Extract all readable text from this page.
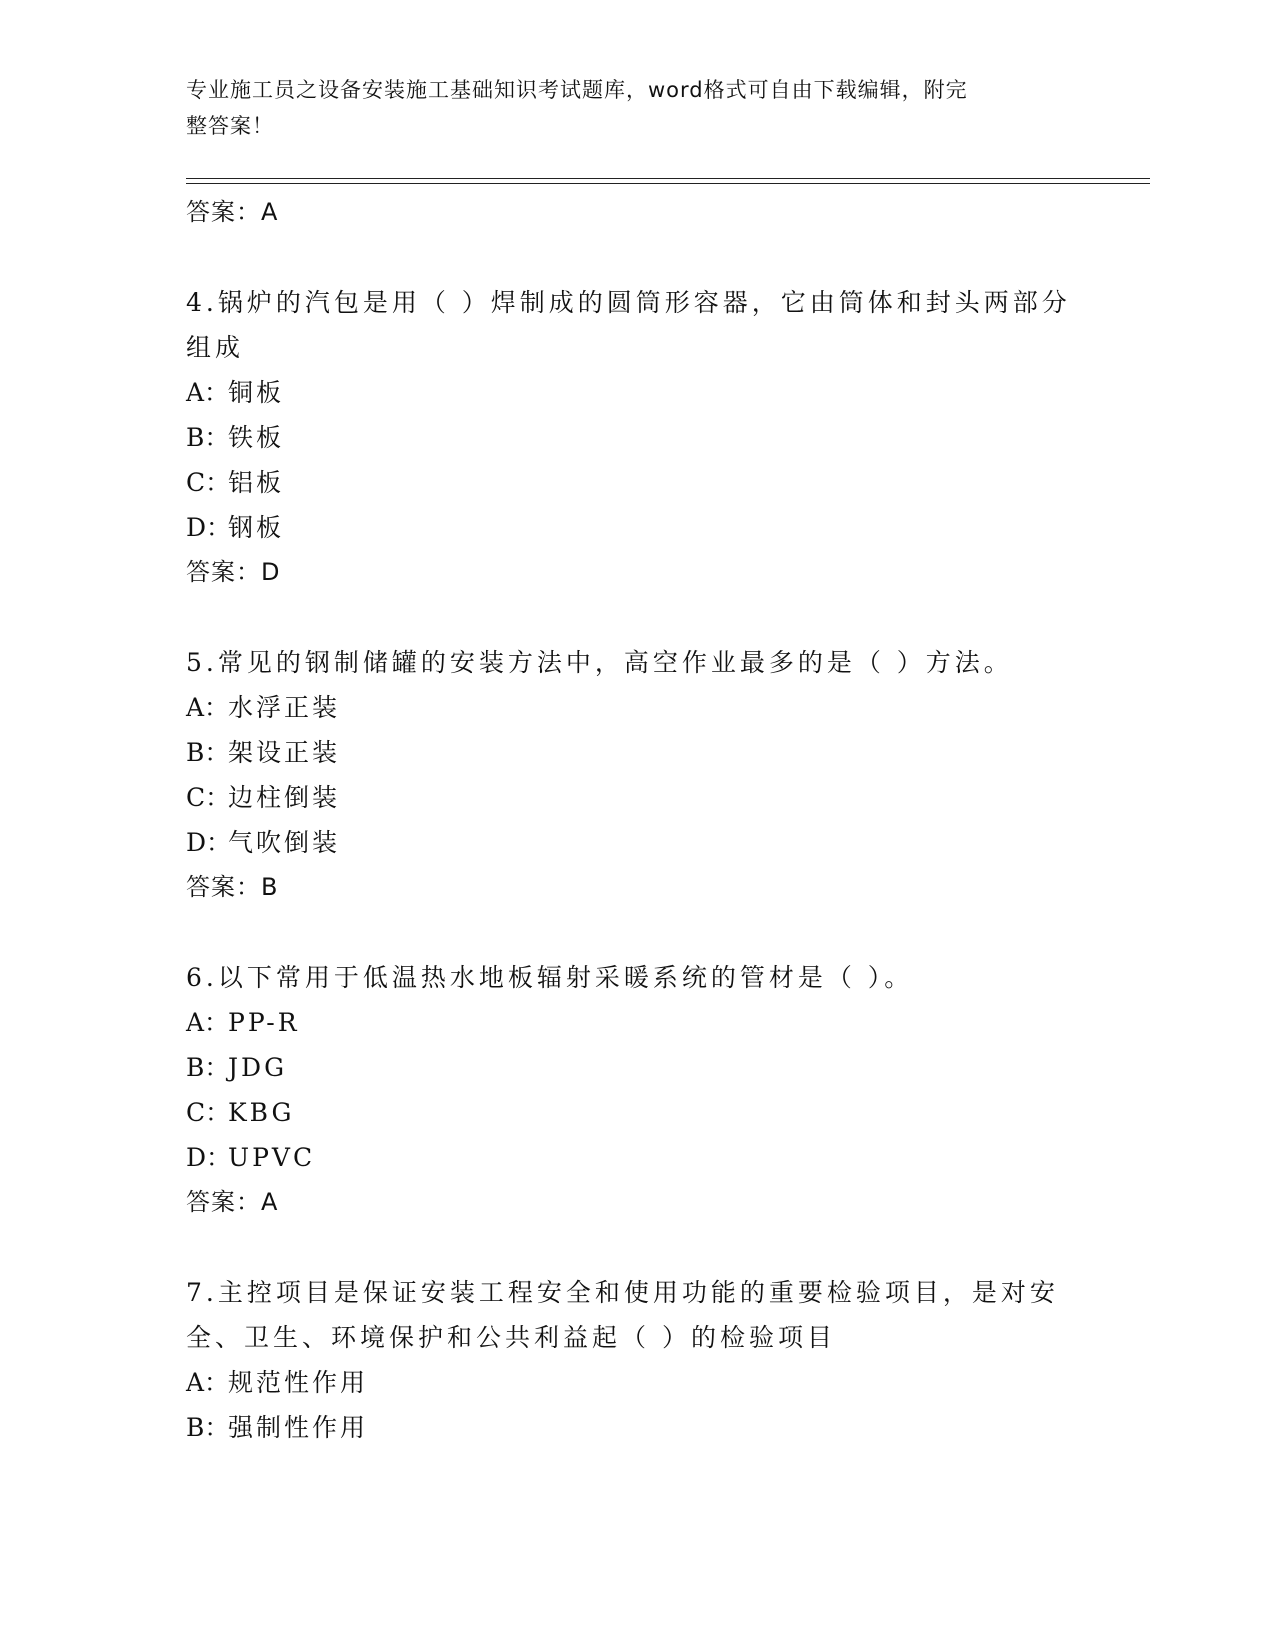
专业施工员之设备安装施工基础知识考试题库，word格式可自由下载编辑，附完
整答案！
答案：A
4.锅炉的汽包是用（ ）焊制成的圆筒形容器，它由筒体和封头两部分
组成
A：铜板
B：铁板
C：铝板
D：钢板
答案：D
5.常见的钢制储罐的安装方法中，高空作业最多的是（ ）方法。
A：水浮正装
B：架设正装
C：边柱倒装
D：气吹倒装
答案：B
6.以下常用于低温热水地板辐射采暖系统的管材是（ ）。
A：PP-R
B：JDG
C：KBG
D：UPVC
答案：A
7.主控项目是保证安装工程安全和使用功能的重要检验项目，是对安
全、卫生、环境保护和公共利益起（ ）的检验项目
A：规范性作用
B：强制性作用
